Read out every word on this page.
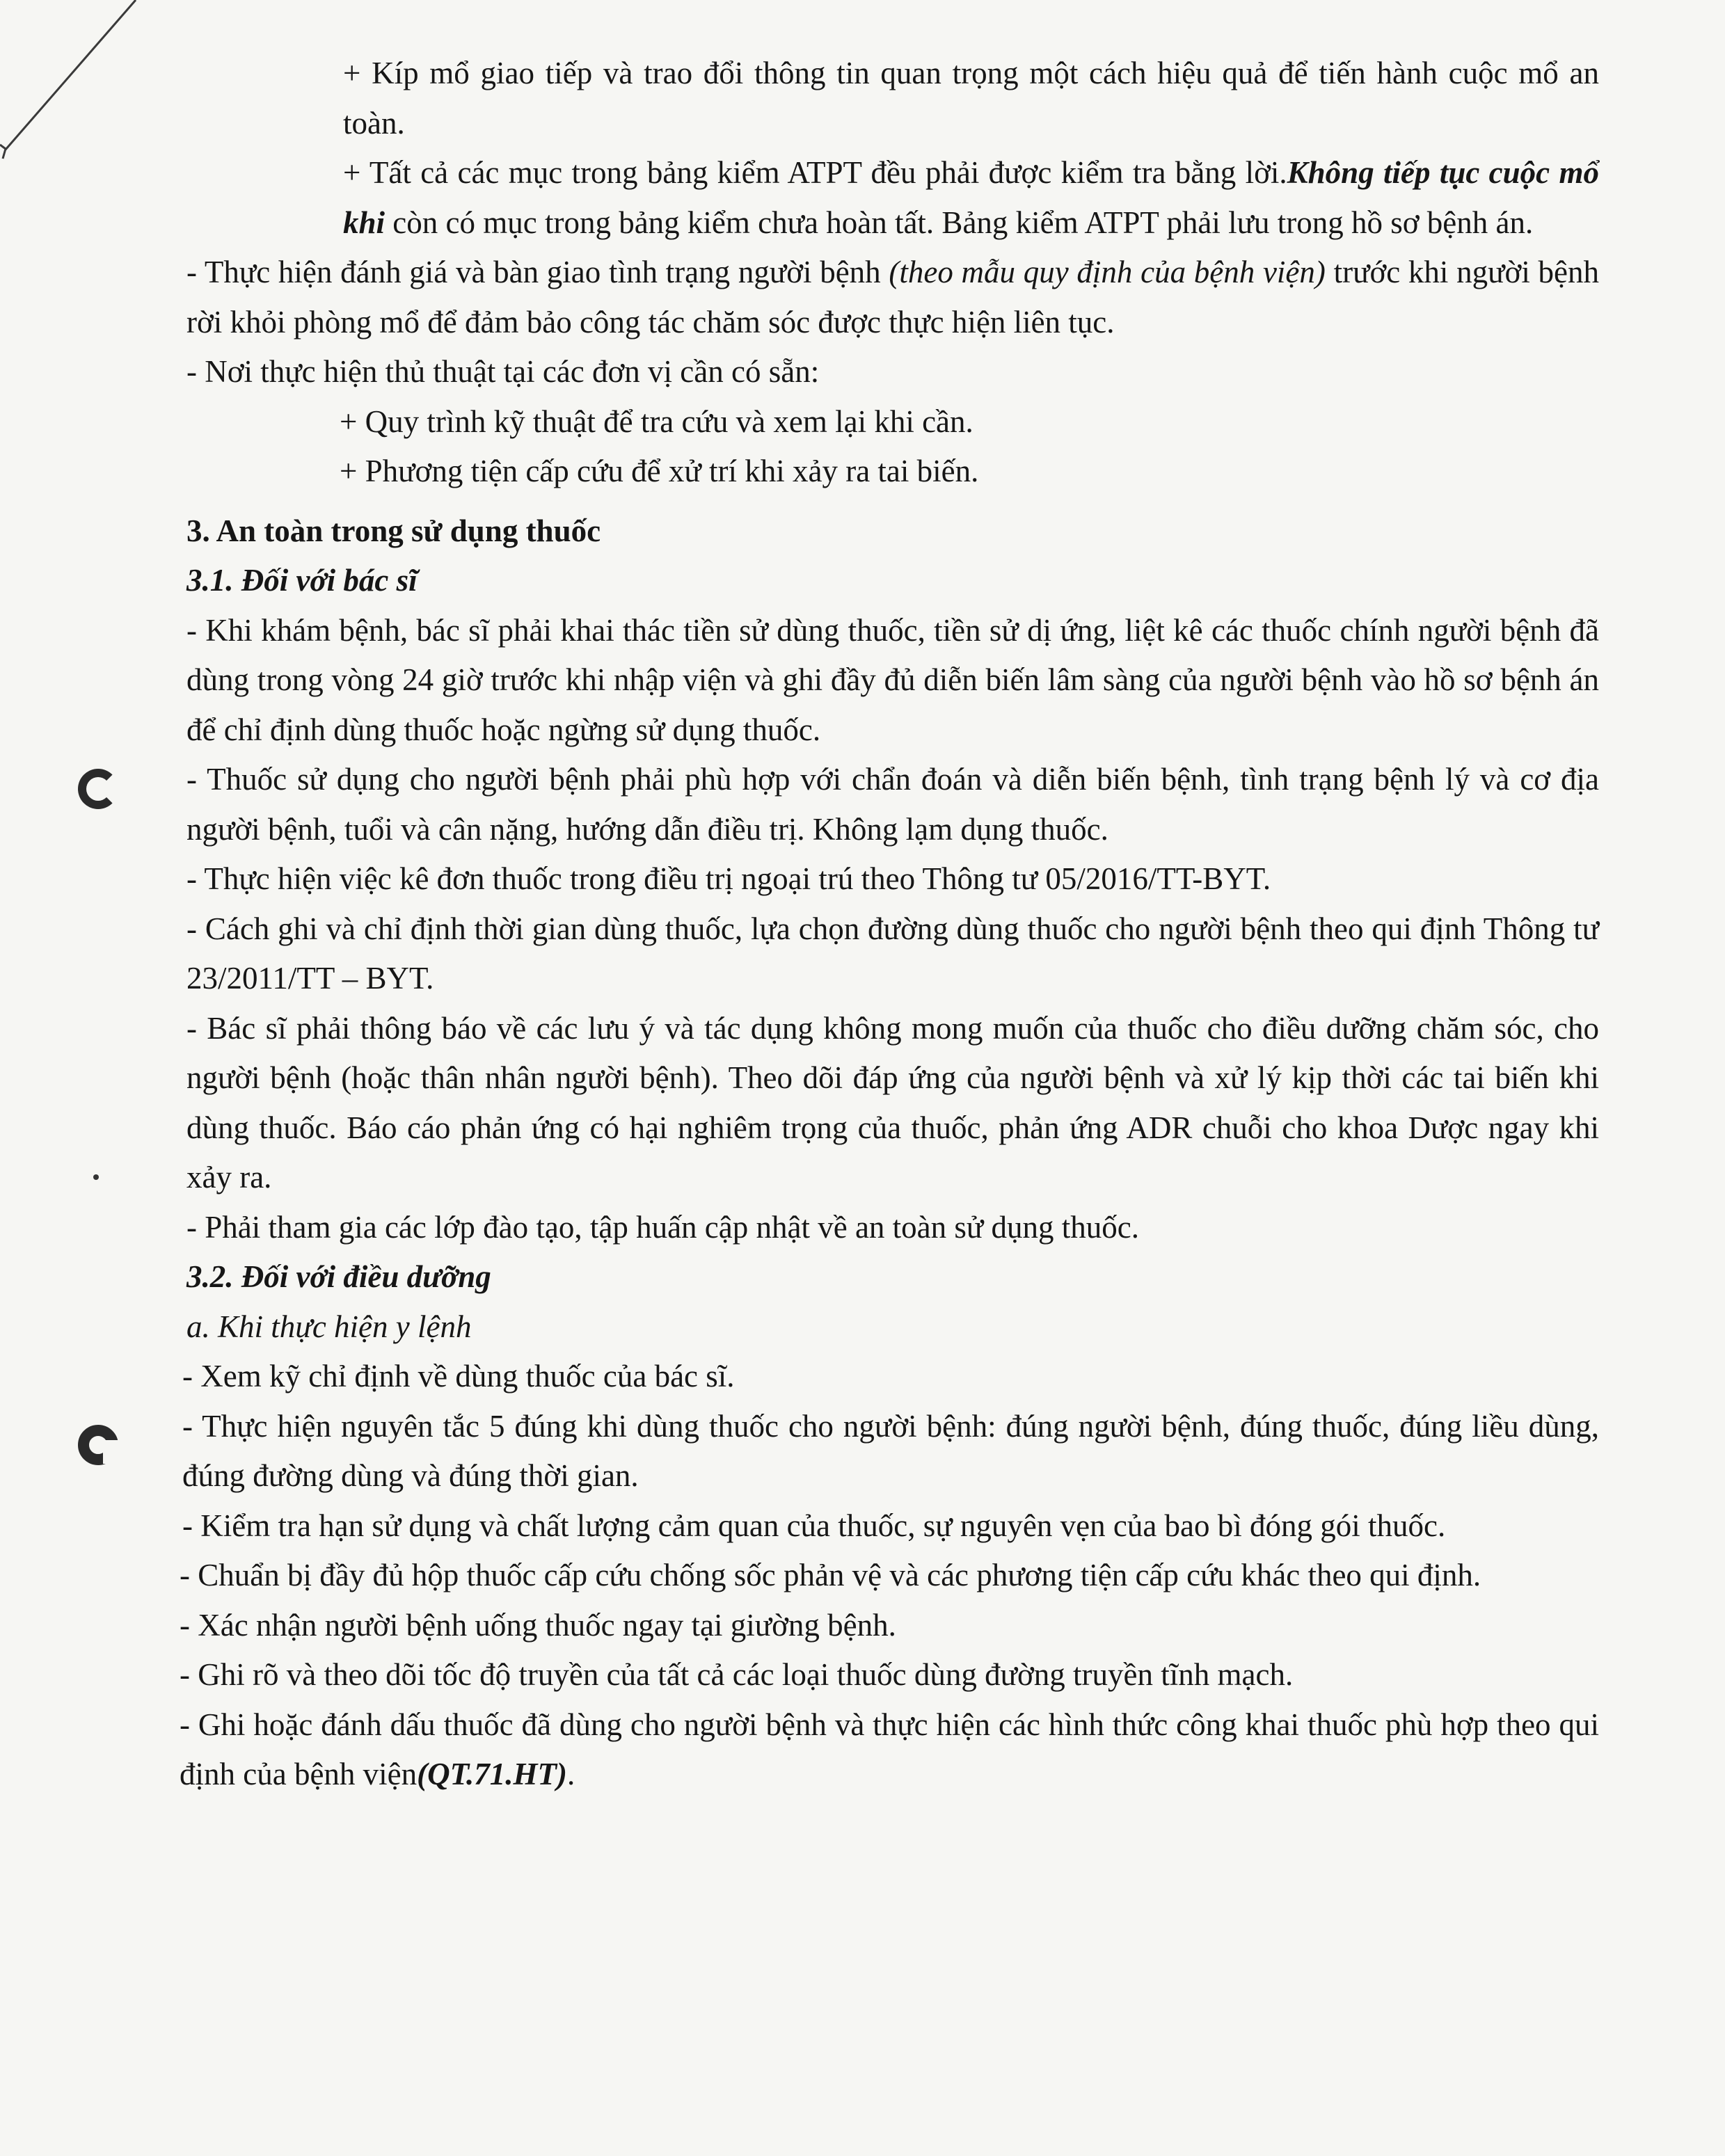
+ Kíp mổ giao tiếp và trao đổi thông tin quan trọng một cách hiệu quả để tiến hành cuộc mổ an toàn.

+ Tất cả các mục trong bảng kiểm ATPT đều phải được kiểm tra bằng lời.Không tiếp tục cuộc mổ khi còn có mục trong bảng kiểm chưa hoàn tất. Bảng kiểm ATPT phải lưu trong hồ sơ bệnh án.

- Thực hiện đánh giá và bàn giao tình trạng người bệnh (theo mẫu quy định của bệnh viện) trước khi người bệnh rời khỏi phòng mổ để đảm bảo công tác chăm sóc được thực hiện liên tục.

- Nơi thực hiện thủ thuật tại các đơn vị cần có sẵn:

+ Quy trình kỹ thuật để tra cứu và xem lại khi cần.

+ Phương tiện cấp cứu để xử trí khi xảy ra tai biến.

3. An toàn trong sử dụng thuốc

3.1. Đối với bác sĩ

- Khi khám bệnh, bác sĩ phải khai thác tiền sử dùng thuốc, tiền sử dị ứng, liệt kê các thuốc chính người bệnh đã dùng trong vòng 24 giờ trước khi nhập viện và ghi đầy đủ diễn biến lâm sàng của người bệnh vào hồ sơ bệnh án để chỉ định dùng thuốc hoặc ngừng sử dụng thuốc.

- Thuốc sử dụng cho người bệnh phải phù hợp với chẩn đoán và diễn biến bệnh, tình trạng bệnh lý và cơ địa người bệnh, tuổi và cân nặng, hướng dẫn điều trị. Không lạm dụng thuốc.

- Thực hiện việc kê đơn thuốc trong điều trị ngoại trú theo Thông tư 05/2016/TT-BYT.

- Cách ghi và chỉ định thời gian dùng thuốc, lựa chọn đường dùng thuốc cho người bệnh theo qui định Thông tư 23/2011/TT – BYT.

- Bác sĩ phải thông báo về các lưu ý và tác dụng không mong muốn của thuốc cho điều dưỡng chăm sóc, cho người bệnh (hoặc thân nhân người bệnh). Theo dõi đáp ứng của người bệnh và xử lý kịp thời các tai biến khi dùng thuốc. Báo cáo phản ứng có hại nghiêm trọng của thuốc, phản ứng ADR chuỗi cho khoa Dược ngay khi xảy ra.

- Phải tham gia các lớp đào tạo, tập huấn cập nhật về an toàn sử dụng thuốc.

3.2. Đối với điều dưỡng

a. Khi thực hiện y lệnh

- Xem kỹ chỉ định về dùng thuốc của bác sĩ.

- Thực hiện nguyên tắc 5 đúng khi dùng thuốc cho người bệnh: đúng người bệnh, đúng thuốc, đúng liều dùng, đúng đường dùng và đúng thời gian.

- Kiểm tra hạn sử dụng và chất lượng cảm quan của thuốc, sự nguyên vẹn của bao bì đóng gói thuốc.

- Chuẩn bị đầy đủ hộp thuốc cấp cứu chống sốc phản vệ và các phương tiện cấp cứu khác theo qui định.

- Xác nhận người bệnh uống thuốc ngay tại giường bệnh.

- Ghi rõ và theo dõi tốc độ truyền của tất cả các loại thuốc dùng đường truyền tĩnh mạch.

- Ghi hoặc đánh dấu thuốc đã dùng cho người bệnh và thực hiện các hình thức công khai thuốc phù hợp theo qui định của bệnh viện(QT.71.HT).
